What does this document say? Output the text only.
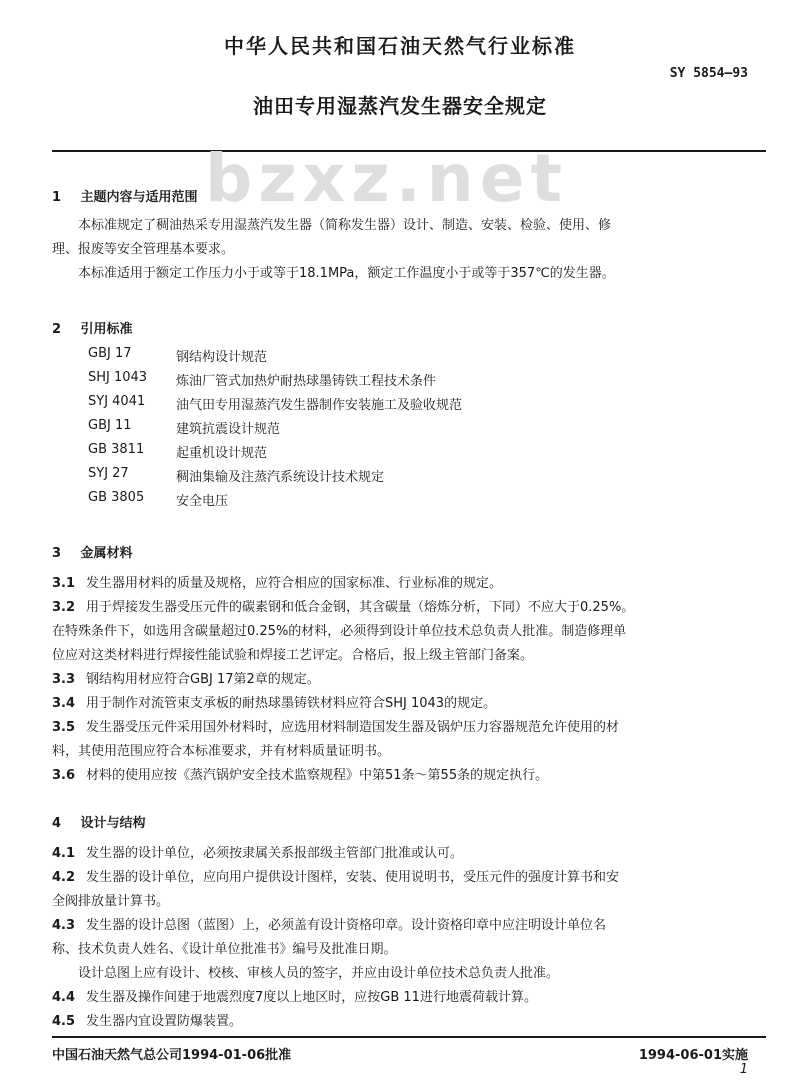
中华人民共和国石油天然气行业标准
SY 5854—93
油田专用湿蒸汽发生器安全规定
bzxz.net
1 主题内容与适用范围
本标准规定了稠油热采专用湿蒸汽发生器（简称发生器）设计、制造、安装、检验、使用、修
理、报废等安全管理基本要求。
本标准适用于额定工作压力小于或等于18.1MPa，额定工作温度小于或等于357℃的发生器。
2 引用标准
GBJ 17	钢结构设计规范
SHJ 1043	炼油厂管式加热炉耐热球墨铸铁工程技术条件
SYJ 4041	油气田专用湿蒸汽发生器制作安装施工及验收规范
GBJ 11	建筑抗震设计规范
GB 3811	起重机设计规范
SYJ 27	稠油集输及注蒸汽系统设计技术规定
GB 3805	安全电压
3 金属材料
3.1 发生器用材料的质量及规格，应符合相应的国家标准、行业标准的规定。
3.2 用于焊接发生器受压元件的碳素钢和低合金钢，其含碳量（熔炼分析，下同）不应大于0.25%。
在特殊条件下，如选用含碳量超过0.25%的材料，必须得到设计单位技术总负责人批准。制造修理单
位应对这类材料进行焊接性能试验和焊接工艺评定。合格后，报上级主管部门备案。
3.3 钢结构用材应符合GBJ 17第2章的规定。
3.4 用于制作对流管束支承板的耐热球墨铸铁材料应符合SHJ 1043的规定。
3.5 发生器受压元件采用国外材料时，应选用材料制造国发生器及锅炉压力容器规范允许使用的材
料，其使用范围应符合本标准要求，并有材料质量证明书。
3.6 材料的使用应按《蒸汽锅炉安全技术监察规程》中第51条～第55条的规定执行。
4 设计与结构
4.1 发生器的设计单位，必须按隶属关系报部级主管部门批准或认可。
4.2 发生器的设计单位，应向用户提供设计图样，安装、使用说明书，受压元件的强度计算书和安
全阀排放量计算书。
4.3 发生器的设计总图（蓝图）上，必须盖有设计资格印章。设计资格印章中应注明设计单位名
称、技术负责人姓名、《设计单位批准书》编号及批准日期。
设计总图上应有设计、校核、审核人员的签字，并应由设计单位技术总负责人批准。
4.4 发生器及操作间建于地震烈度7度以上地区时，应按GB 11进行地震荷载计算。
4.5 发生器内宜设置防爆装置。
中国石油天然气总公司1994-01-06批准	1994-06-01实施
1
